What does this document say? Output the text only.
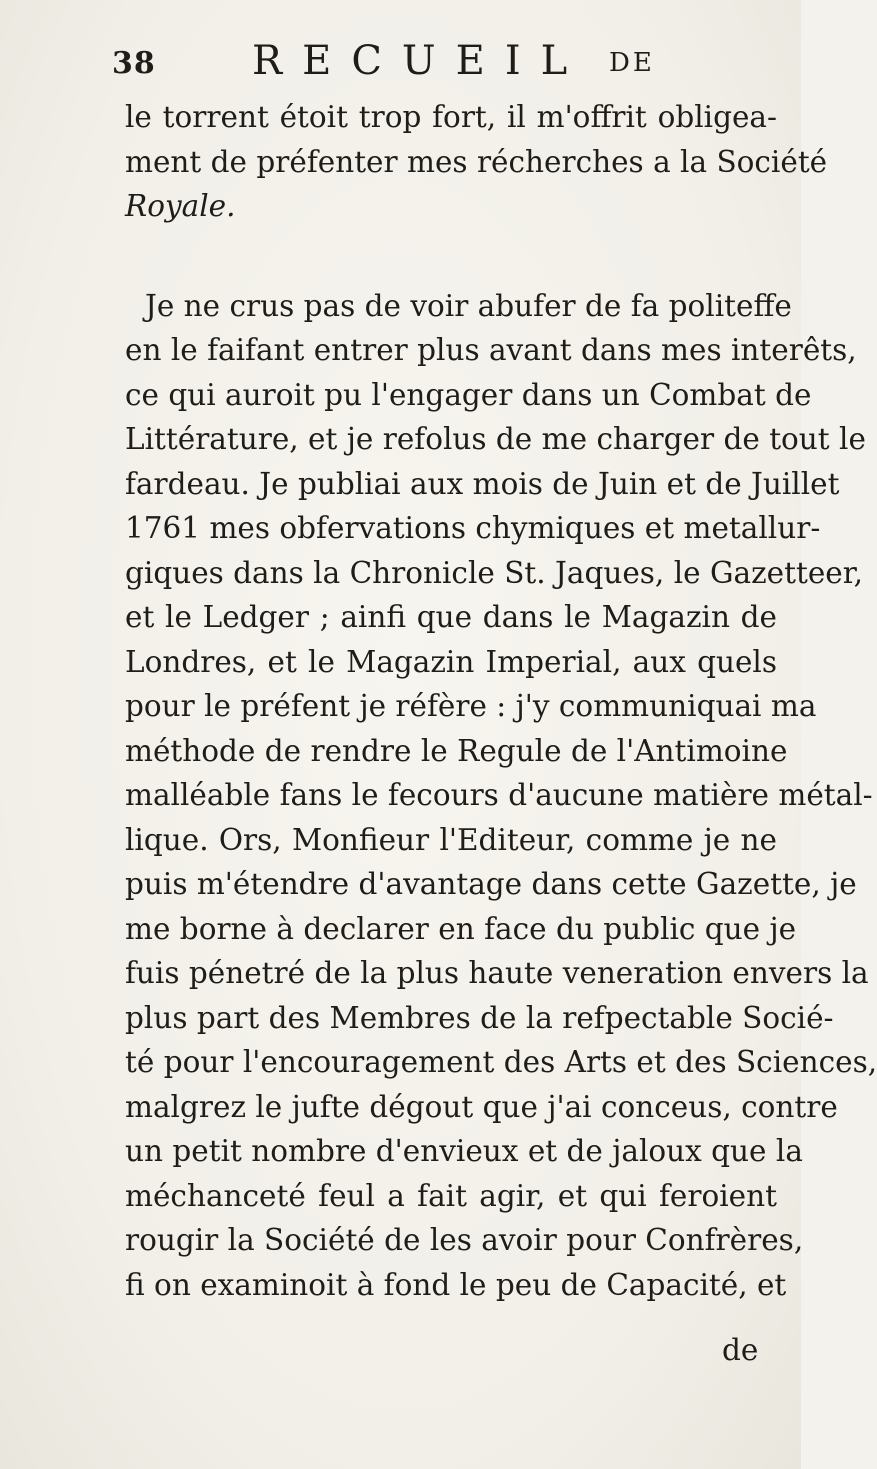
38 RECUEIL DE
le torrent étoit trop fort, il m'offrit obligea-
ment de préfenter mes récherches a la Société
Royale.
Je ne crus pas de voir abufer de fa politeffe
en le faifant entrer plus avant dans mes interêts,
ce qui auroit pu l'engager dans un Combat de
Littérature, et je refolus de me charger de tout le
fardeau. Je publiai aux mois de Juin et de Juillet
1761 mes obfervations chymiques et metallur-
giques dans la Chronicle St. Jaques, le Gazetteer,
et le Ledger ; ainfi que dans le Magazin de
Londres, et le Magazin Imperial, aux quels
pour le préfent je réfère : j'y communiquai ma
méthode de rendre le Regule de l'Antimoine
malléable fans le fecours d'aucune matière métal-
lique. Ors, Monfieur l'Editeur, comme je ne
puis m'étendre d'avantage dans cette Gazette, je
me borne à declarer en face du public que je
fuis pénetré de la plus haute veneration envers la
plus part des Membres de la refpectable Socié-
té pour l'encouragement des Arts et des Sciences,
malgrez le jufte dégout que j'ai conceus, contre
un petit nombre d'envieux et de jaloux que la
méchanceté feul a fait agir, et qui feroient
rougir la Société de les avoir pour Confrères,
fi on examinoit à fond le peu de Capacité, et
de
